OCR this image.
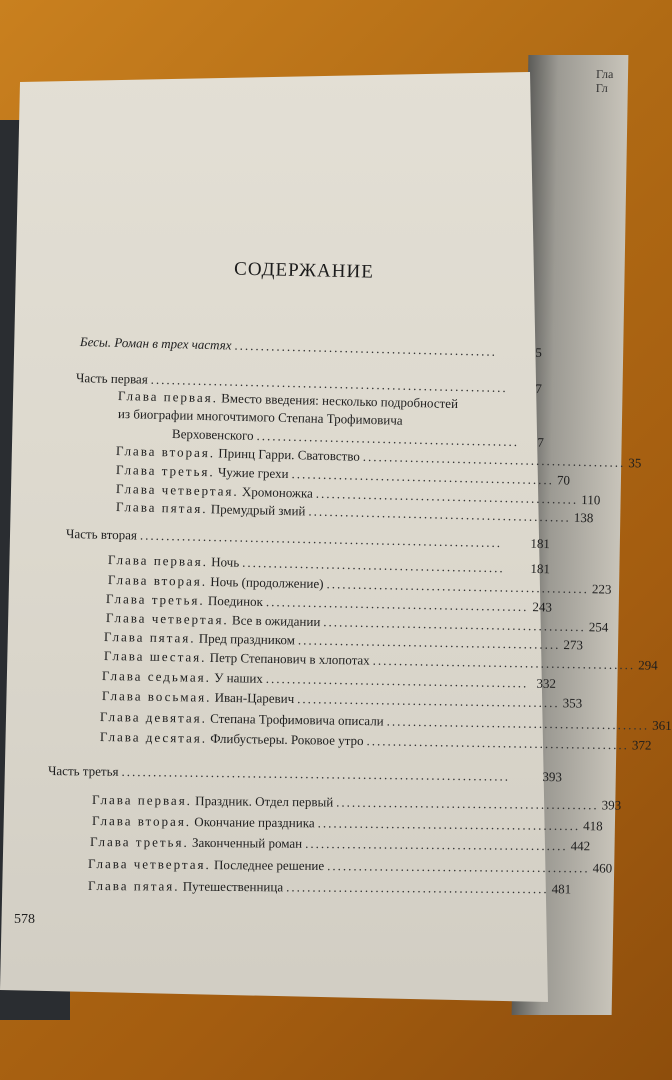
Гла
Гл
СОДЕРЖАНИЕ
Бесы. Роман в трех частях ..................................................	5
Часть первая ....................................................................	7
Глава первая. Вместо введения: несколько подробностей
из биографии многочтимого Степана Трофимовича
Верховенского ..................................................	7
Глава вторая. Принц Гарри. Сватовство .................................................. 35
Глава третья. Чужие грехи .................................................. 70
Глава четвертая. Хромоножка .................................................. 110
Глава пятая. Премудрый змий .................................................. 138
Часть вторая .....................................................................	181
Глава первая. Ночь ..................................................	181
Глава вторая. Ночь (продолжение) .................................................. 223
Глава третья. Поединок .................................................. 243
Глава четвертая. Все в ожидании .................................................. 254
Глава пятая. Пред праздником .................................................. 273
Глава шестая. Петр Степанович в хлопотах .................................................. 294
Глава седьмая. У наших .................................................. 332
Глава восьмая. Иван-Царевич .................................................. 353
Глава девятая. Степана Трофимовича описали .................................................. 361
Глава десятая. Флибустьеры. Роковое утро .................................................. 372
Часть третья ..........................................................................	393
Глава первая. Праздник. Отдел первый .................................................. 393
Глава вторая. Окончание праздника .................................................. 418
Глава третья. Законченный роман .................................................. 442
Глава четвертая. Последнее решение .................................................. 460
Глава пятая. Путешественница .................................................. 481
578
